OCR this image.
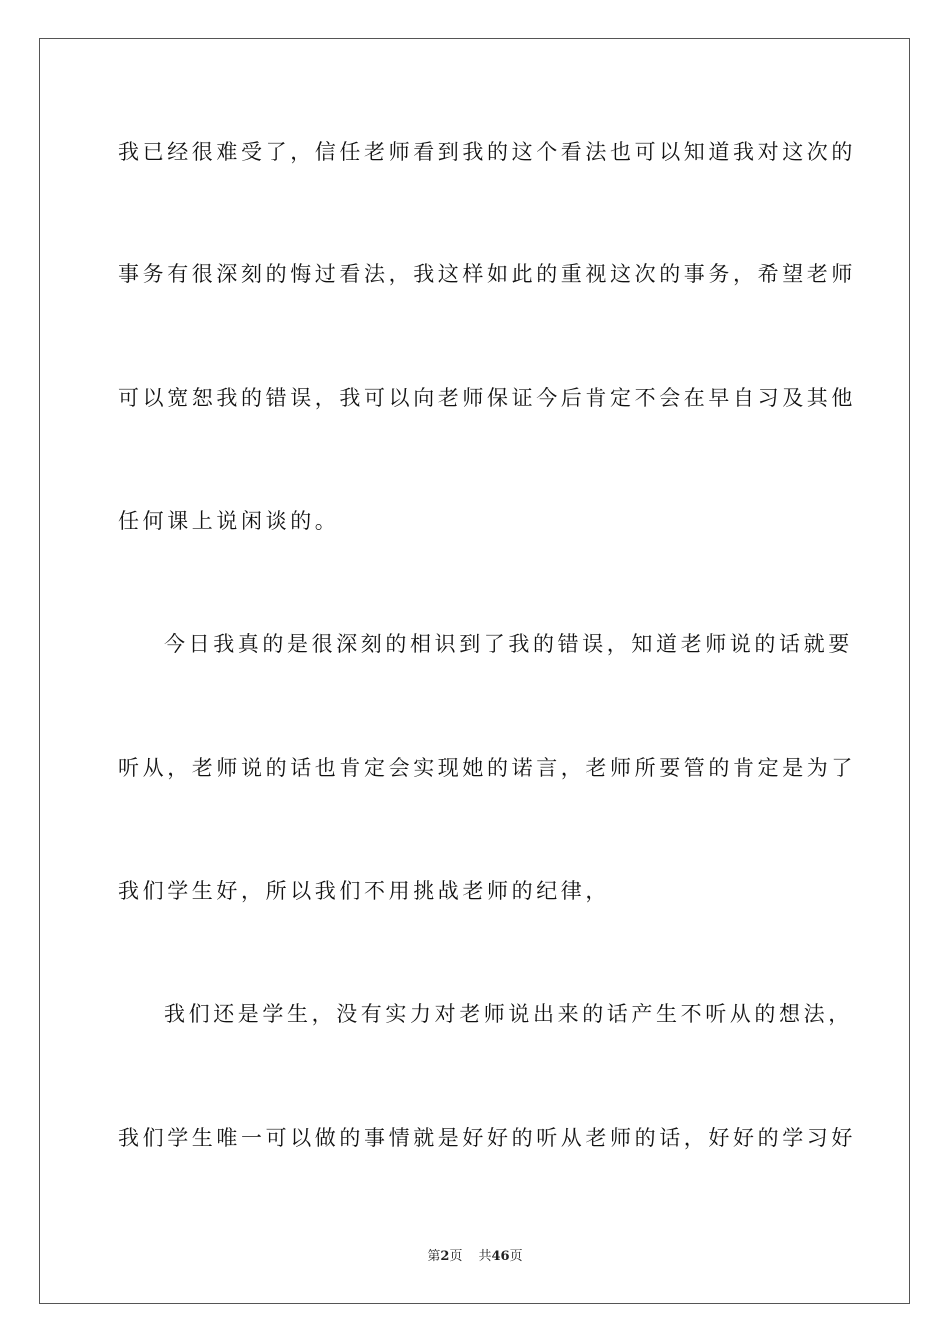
我已经很难受了，信任老师看到我的这个看法也可以知道我对这次的
事务有很深刻的悔过看法，我这样如此的重视这次的事务，希望老师
可以宽恕我的错误，我可以向老师保证今后肯定不会在早自习及其他
任何课上说闲谈的。
今日我真的是很深刻的相识到了我的错误，知道老师说的话就要
听从，老师说的话也肯定会实现她的诺言，老师所要管的肯定是为了
我们学生好，所以我们不用挑战老师的纪律，
我们还是学生，没有实力对老师说出来的话产生不听从的想法，
我们学生唯一可以做的事情就是好好的听从老师的话，好好的学习好
第2页 共46页
